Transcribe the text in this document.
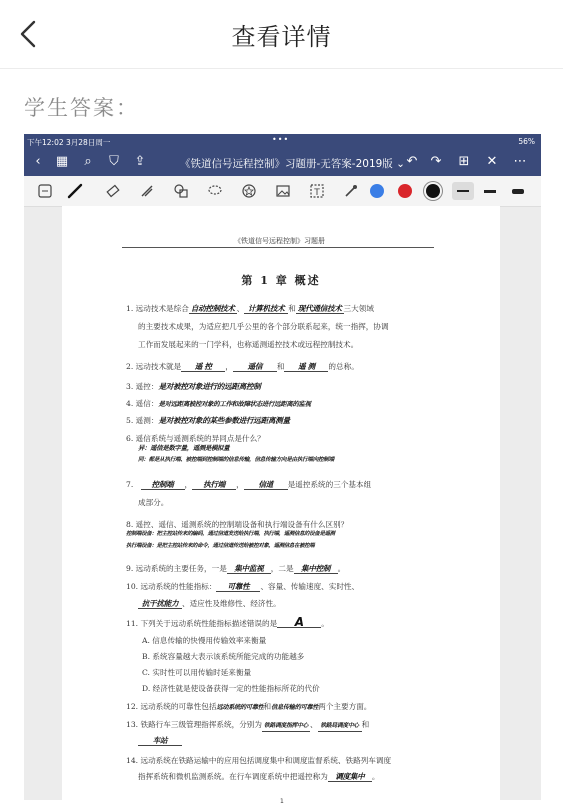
查看详情
学生答案：
下午12:02 3月28日周一	•••	56%
‹	▦	⌕	⛉ ⇪	《铁道信号远程控制》习题册-无答案-2019版 ⌄ ↶ ↷ ⊞ ✕ ⋯
T
《铁道信号远程控制》习题册
第 1 章 概述
1. 远动技术是综合 自动控制技术 、 计算机技术 和 现代通信技术 三大领域
的主要技术成果，为适应把几乎公里的各个部分联系起来，统一指挥，协调
工作而发展起来的一门学科，也称遥测遥控技术或远程控制技术。
2. 远动技术就是 遥 控 ， 遥信 和 遥 测 的总称。
3. 遥控：是对被控对象进行的远距离控制
4. 遥信：是对远距离被控对象的工作和故障状态进行远距离的监视
5. 遥测：是对被控对象的某些参数进行远距离测量
6. 遥信系统与遥测系统的异同点是什么？
异：遥信是数字量，遥测是模拟量
同：都是从执行端、被控端到控制端的信息传输，信息传输方向是由执行端向控制端
7. 控制端 ， 执行端 ， 信道 是遥控系统的三个基本组
成部分。
8. 遥控、遥信、遥测系统的控制端设备和执行端设备有什么区别？
控制端设备：把主控站传来的编码，通过信道发送给执行端，执行端，遥测信息的设备是遥测
执行端设备：是把主控站传来的命令，通过信道传送给被控对象，遥测信息在被控端
9. 远动系统的主要任务，一是 集中监视 ，二是 集中控制 。
10. 远动系统的性能指标： 可靠性 、容量、传输速度、实时性、
抗干扰能力 、适应性及维修性、经济性。
11. 下列关于远动系统性能指标描述错误的是 A 。
A. 信息传输的快慢用传输效率来衡量
B. 系统容量越大表示该系统所能完成的功能越多
C. 实时性可以用传输时延来衡量
D. 经济性就是使设备获得一定的性能指标所花的代价
12. 远动系统的可靠性包括远动系统的可靠性和信息传输的可靠性两个主要方面。
13. 铁路行车三级管理指挥系统，分别为 铁路调度指挥中心 、 铁路局调度中心 和
车站
14. 远动系统在铁路运输中的应用包括调度集中和调度监督系统、铁路列车调度
指挥系统和微机监测系统。在行车调度系统中把遥控称为 调度集中 。
1
